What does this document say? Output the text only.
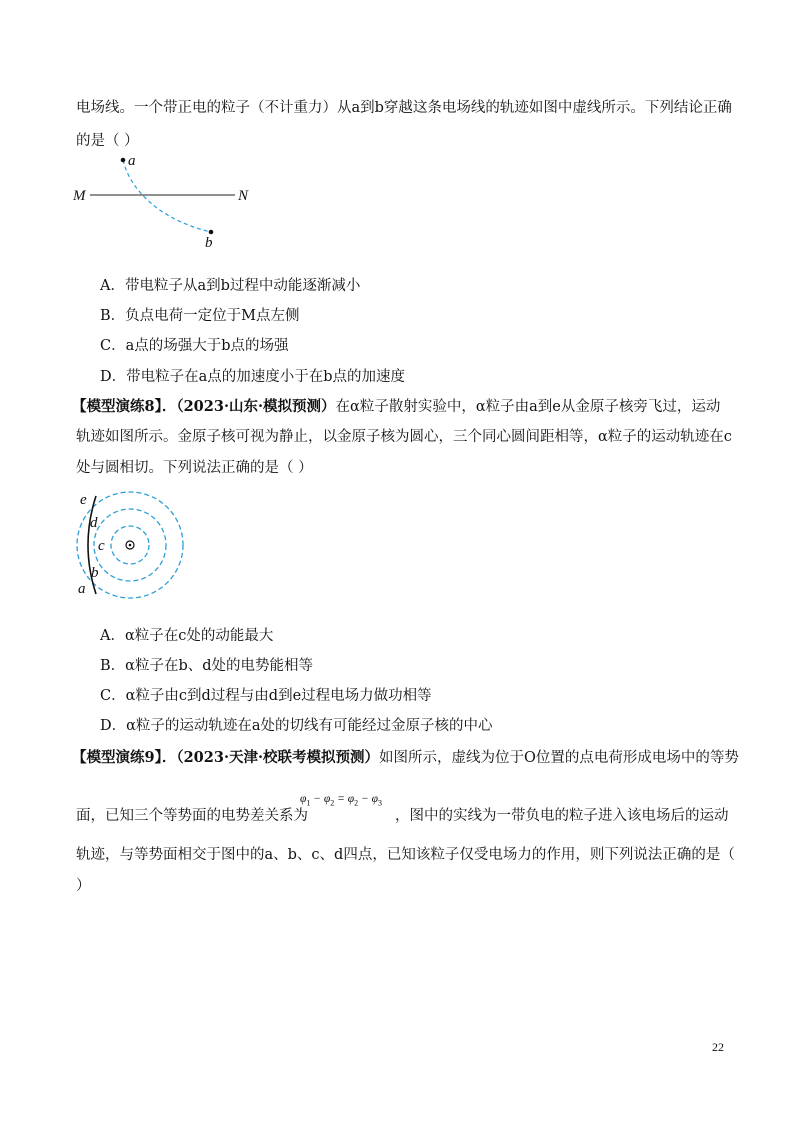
电场线。一个带正电的粒子（不计重力）从a到b穿越这条电场线的轨迹如图中虚线所示。下列结论正确
的是（ ）
a
b
M	N
A．带电粒子从a到b过程中动能逐渐减小
B．负点电荷一定位于M点左侧
C．a点的场强大于b点的场强
D．带电粒子在a点的加速度小于在b点的加速度
【模型演练8】．（2023·山东·模拟预测）在α粒子散射实验中，α粒子由a到e从金原子核旁飞过，运动
轨迹如图所示。金原子核可视为静止，以金原子核为圆心，三个同心圆间距相等，α粒子的运动轨迹在c
处与圆相切。下列说法正确的是（ ）
e
d
c
b
a
A．α粒子在c处的动能最大
B．α粒子在b、d处的电势能相等
C．α粒子由c到d过程与由d到e过程电场力做功相等
D．α粒子的运动轨迹在a处的切线有可能经过金原子核的中心
【模型演练9】．（2023·天津·校联考模拟预测）如图所示，虚线为位于O位置的点电荷形成电场中的等势
面，已知三个等势面的电势差关系为
$\varphi_1 - \varphi_2 = \varphi_2 - \varphi_3$
，图中的实线为一带负电的粒子进入该电场后的运动
轨迹，与等势面相交于图中的a、b、c、d四点，已知该粒子仅受电场力的作用，则下列说法正确的是（
）
22
